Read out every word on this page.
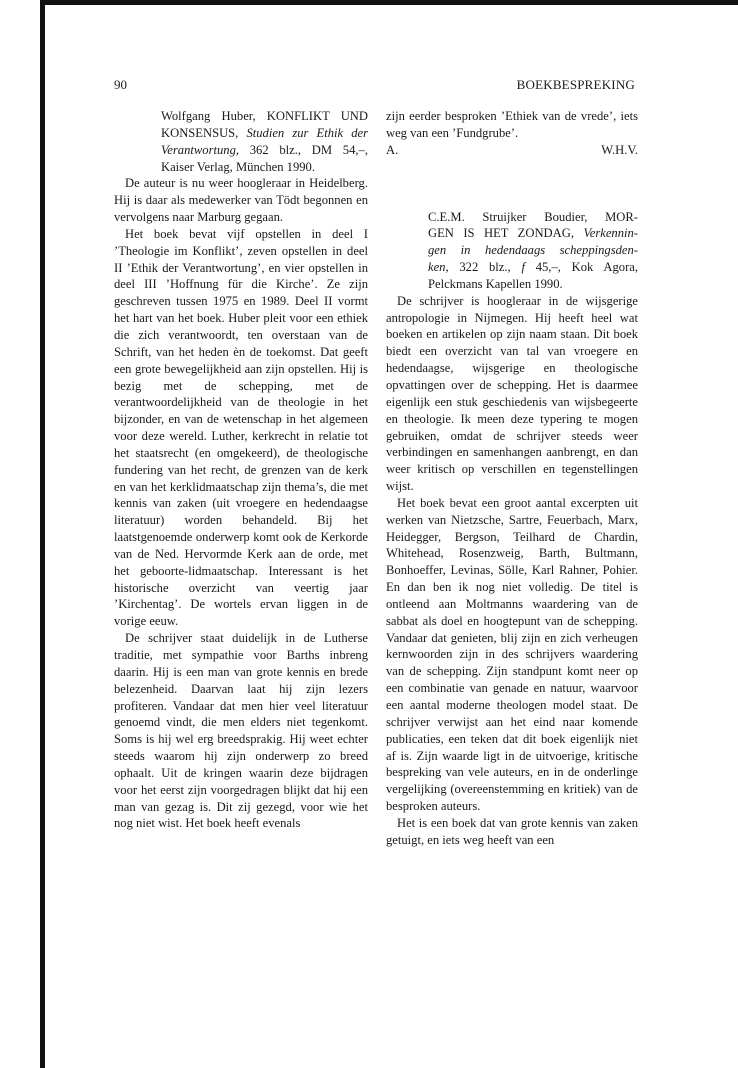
90	BOEKBESPREKING
Wolfgang Huber, KONFLIKT UND
KONSENSUS, Studien zur Ethik der
Verantwortung, 362 blz., DM 54,–,
Kaiser Verlag, München 1990.

De auteur is nu weer hoogleraar in Heidelberg. Hij is daar als medewerker van Tödt begonnen en vervolgens naar Marburg gegaan.

Het boek bevat vijf opstellen in deel I ’Theologie im Konflikt’, zeven opstellen in deel II ’Ethik der Verantwortung’, en vier opstellen in deel III ’Hoffnung für die Kirche’. Ze zijn geschreven tussen 1975 en 1989. Deel II vormt het hart van het boek. Huber pleit voor een ethiek die zich verantwoordt, ten overstaan van de Schrift, van het heden èn de toekomst. Dat geeft een grote bewegelijkheid aan zijn opstellen. Hij is bezig met de schepping, met de verantwoordelijkheid van de theologie in het bijzonder, en van de wetenschap in het algemeen voor deze wereld. Luther, kerkrecht in relatie tot het staatsrecht (en omgekeerd), de theologische fundering van het recht, de grenzen van de kerk en van het kerklidmaatschap zijn thema’s, die met kennis van zaken (uit vroegere en hedendaagse literatuur) worden behandeld. Bij het laatstgenoemde onderwerp komt ook de Kerkorde van de Ned. Hervormde Kerk aan de orde, met het geboorte-lidmaatschap. Interessant is het historische overzicht van veertig jaar ’Kirchentag’. De wortels ervan liggen in de vorige eeuw.

De schrijver staat duidelijk in de Lutherse traditie, met sympathie voor Barths inbreng daarin. Hij is een man van grote kennis en brede belezenheid. Daarvan laat hij zijn lezers profiteren. Vandaar dat men hier veel literatuur genoemd vindt, die men elders niet tegenkomt. Soms is hij wel erg breedsprakig. Hij weet echter steeds waarom hij zijn onderwerp zo breed ophaalt. Uit de kringen waarin deze bijdragen voor het eerst zijn voorgedragen blijkt dat hij een man van gezag is. Dit zij gezegd, voor wie het nog niet wist. Het boek heeft evenals

zijn eerder besproken ’Ethiek van de vrede’, iets weg van een ’Fundgrube’.

A.	W.H.V.
C.E.M. Struijker Boudier, MOR-
GEN IS HET ZONDAG, Verkennin-
gen in hedendaags scheppingsden-
ken, 322 blz., f 45,–, Kok Agora,
Pelckmans Kapellen 1990.

De schrijver is hoogleraar in de wijsgerige antropologie in Nijmegen. Hij heeft heel wat boeken en artikelen op zijn naam staan. Dit boek biedt een overzicht van tal van vroegere en hedendaagse, wijsgerige en theologische opvattingen over de schepping. Het is daarmee eigenlijk een stuk geschiedenis van wijsbegeerte en theologie. Ik meen deze typering te mogen gebruiken, omdat de schrijver steeds weer verbindingen en samenhangen aanbrengt, en dan weer kritisch op verschillen en tegenstellingen wijst.

Het boek bevat een groot aantal excerpten uit werken van Nietzsche, Sartre, Feuerbach, Marx, Heidegger, Bergson, Teilhard de Chardin, Whitehead, Rosenzweig, Barth, Bultmann, Bonhoeffer, Levinas, Sölle, Karl Rahner, Pohier. En dan ben ik nog niet volledig. De titel is ontleend aan Moltmanns waardering van de sabbat als doel en hoogtepunt van de schepping. Vandaar dat genieten, blij zijn en zich verheugen kernwoorden zijn in des schrijvers waardering van de schepping. Zijn standpunt komt neer op een combinatie van genade en natuur, waarvoor een aantal moderne theologen model staat. De schrijver verwijst aan het eind naar komende publicaties, een teken dat dit boek eigenlijk niet af is. Zijn waarde ligt in de uitvoerige, kritische bespreking van vele auteurs, en in de onderlinge vergelijking (overeenstemming en kritiek) van de besproken auteurs.

Het is een boek dat van grote kennis van zaken getuigt, en iets weg heeft van een
